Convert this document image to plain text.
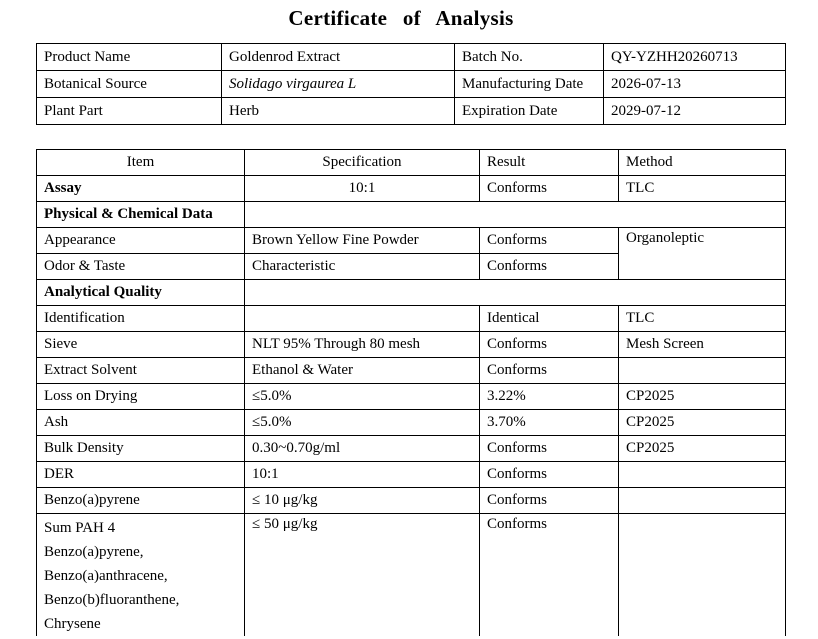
Certificate of Analysis
Product Name	Goldenrod Extract	Batch No.	QY-YZHH20260713
Botanical Source	Solidago virgaurea L	Manufacturing Date	2026-07-13
Plant Part	Herb	Expiration Date	2029-07-12
Item	Specification	Result	Method
Assay	10:1	Conforms	TLC
Physical & Chemical Data			
Appearance	Brown Yellow Fine Powder	Conforms	Organoleptic
Odor & Taste	Characteristic	Conforms	
Analytical Quality			
Identification		Identical	TLC
Sieve	NLT 95% Through 80 mesh	Conforms	Mesh Screen
Extract Solvent	Ethanol & Water	Conforms	
Loss on Drying	≤5.0%	3.22%	CP2025
Ash	≤5.0%	3.70%	CP2025
Bulk Density	0.30~0.70g/ml	Conforms	CP2025
DER	10:1	Conforms	
Benzo(a)pyrene	≤ 10 μg/kg	Conforms	

Sum PAH 4
Benzo(a)pyrene,
Benzo(a)anthracene,
Benzo(b)fluoranthene,
Chrysene	≤ 50 μg/kg	Conforms	
